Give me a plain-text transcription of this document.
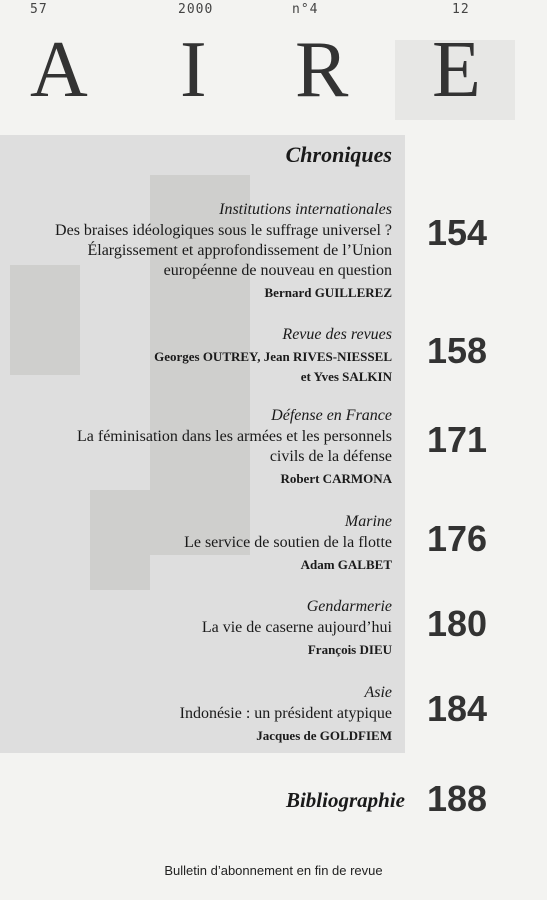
57	2000	n°4	12
A I R E
Chroniques
Institutions internationales
Des braises idéologiques sous le suffrage universel ?
Élargissement et approfondissement de l’Union
européenne de nouveau en question
Bernard GUILLEREZ
154
Revue des revues
Georges OUTREY, Jean RIVES-NIESSEL
et Yves SALKIN
158
Défense en France
La féminisation dans les armées et les personnels
civils de la défense
Robert CARMONA
171
Marine
Le service de soutien de la flotte
Adam GALBET
176
Gendarmerie
La vie de caserne aujourd’hui
François DIEU
180
Asie
Indonésie : un président atypique
Jacques de GOLDFIEM
184
Bibliographie 188
Bulletin d’abonnement en fin de revue
